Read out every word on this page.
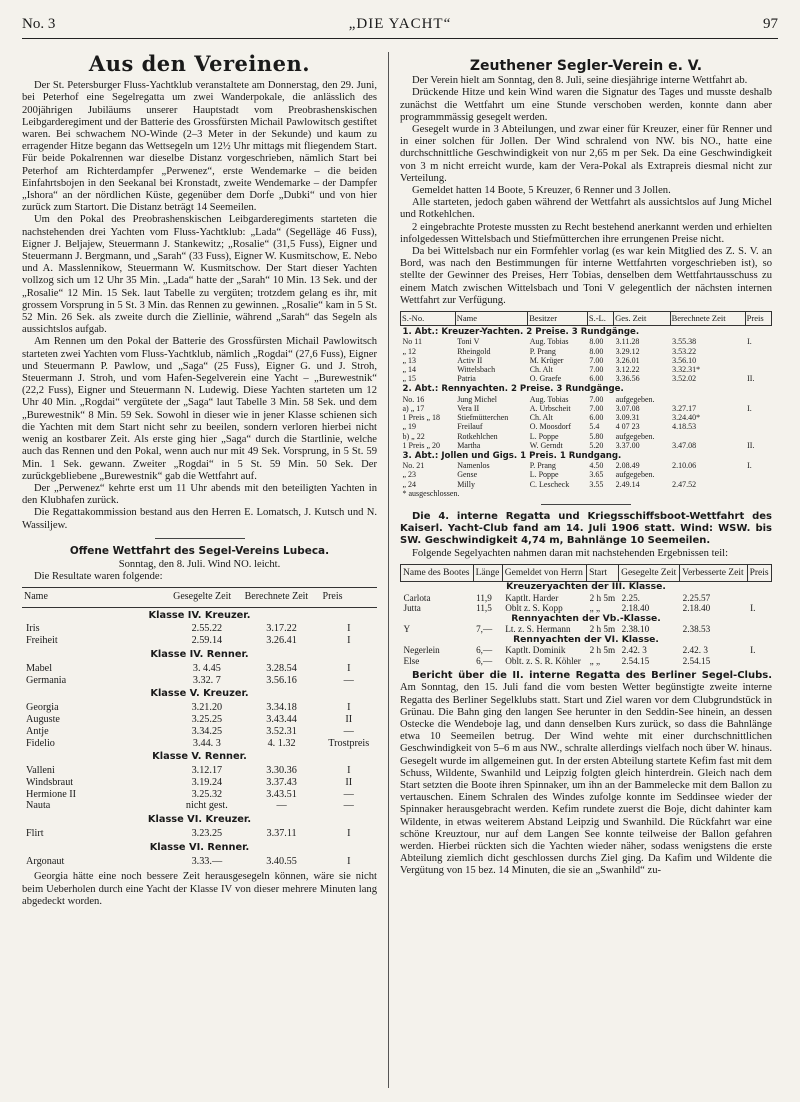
No. 3	„DIE YACHT“	97
Aus den Vereinen.

Der St. Petersburger Fluss-Yachtklub veranstaltete am Donnerstag, den 29. Juni, bei Peterhof eine Segelregatta um zwei Wanderpokale, die anlässlich des 200jährigen Jubiläums unserer Hauptstadt vom Preobrashenskischen Leibgarderegiment und der Batterie des Grossfürsten Michail Pawlowitsch gestiftet waren. Bei schwachem NO-Winde (2–3 Meter in der Sekunde) und kaum zu erragender Hitze begann das Wettsegeln um 12½ Uhr mittags mit fliegendem Start. Für beide Pokalrennen war dieselbe Distanz vorgeschrieben, nämlich Start bei Peterhof am Richterdampfer „Perwenez“, erste Wendemarke – die beiden Einfahrtsbojen in den Seekanal bei Kronstadt, zweite Wendemarke – der Dampfer „Ishora“ an der nördlichen Küste, gegenüber dem Dorfe „Dubki“ und von hier zurück zum Startort. Die Distanz beträgt 14 Seemeilen.

Um den Pokal des Preobrashenskischen Leibgarderegiments starteten die nachstehenden drei Yachten vom Fluss-Yachtklub: „Lada“ (Segelläge 46 Fuss), Eigner J. Beljajew, Steuermann J. Stankewitz; „Rosalie“ (31,5 Fuss), Eigner und Steuermann J. Bergmann, und „Sarah“ (33 Fuss), Eigner W. Kusmitschow, E. Nebo und A. Masslennikow, Steuermann W. Kusmitschow. Der Start dieser Yachten vollzog sich um 12 Uhr 35 Min. „Lada“ hatte der „Sarah“ 10 Min. 13 Sek. und der „Rosalie“ 12 Min. 15 Sek. laut Tabelle zu vergüten; trotzdem gelang es ihr, mit grossem Vorsprung in 5 St. 3 Min. das Rennen zu gewinnen. „Rosalie“ kam in 5 St. 52 Min. 26 Sek. als zweite durch die Ziellinie, während „Sarah“ das Segeln als aussichtslos aufgab.

Am Rennen um den Pokal der Batterie des Grossfürsten Michail Pawlowitsch starteten zwei Yachten vom Fluss-Yachtklub, nämlich „Rogdai“ (27,6 Fuss), Eigner und Steuermann P. Pawlow, und „Saga“ (25 Fuss), Eigner G. und J. Stroh, Steuermann J. Stroh, und vom Hafen-Segelverein eine Yacht – „Burewestnik“ (22,2 Fuss), Eigner und Steuermann N. Ludewig. Diese Yachten starteten um 12 Uhr 40 Min. „Rogdai“ vergütete der „Saga“ laut Tabelle 3 Min. 58 Sek. und dem „Burewestnik“ 8 Min. 59 Sek. Sowohl in dieser wie in jener Klasse schienen sich die Yachten mit dem Start nicht sehr zu beeilen, sondern verloren hierbei nicht wenig an kostbarer Zeit. Als erste ging hier „Saga“ durch die Startlinie, welche auch das Rennen und den Pokal, wenn auch nur mit 49 Sek. Vorsprung, in 5 St. 59 Min. 1 Sek. gewann. Zweiter „Rogdai“ in 5 St. 59 Min. 50 Sek. Der zurückgebliebene „Burewestnik“ gab die Wettfahrt auf.

Der „Perwenez“ kehrte erst um 11 Uhr abends mit den beteiligten Yachten in den Klubhafen zurück.

Die Regattakommission bestand aus den Herren E. Lomatsch, J. Kutsch und N. Wassiljew.

Offene Wettfahrt des Segel-Vereins Lubeca.

Sonntag, den 8. Juli. Wind NO. leicht.

Die Resultate waren folgende:

Name	Gesegelte Zeit	Berechnete Zeit	Preis
Klasse IV. Kreuzer.			
Iris	2.55.22	3.17.22	I
Freiheit	2.59.14	3.26.41	I
Klasse IV. Renner.			
Mabel	3. 4.45	3.28.54	I
Germania	3.32. 7	3.56.16	—
Klasse V. Kreuzer.			
Georgia	3.21.20	3.34.18	I
Auguste	3.25.25	3.43.44	II
Antje	3.34.25	3.52.31	—
Fidelio	3.44. 3	4. 1.32	Trostpreis
Klasse V. Renner.			
Valleni	3.12.17	3.30.36	I
Windsbraut	3.19.24	3.37.43	II
Hermione II	3.25.32	3.43.51	—
Nauta	nicht gest.	—	—
Klasse VI. Kreuzer.			
Flirt	3.23.25	3.37.11	I
Klasse VI. Renner.			
Argonaut	3.33.—	3.40.55	I

Georgia hätte eine noch bessere Zeit herausgesegeln können, wäre sie nicht beim Ueberholen durch eine Yacht der Klasse IV von dieser mehrere Minuten lang abgedeckt worden.

Zeuthener Segler-Verein e. V.

Der Verein hielt am Sonntag, den 8. Juli, seine diesjährige interne Wettfahrt ab.

Drückende Hitze und kein Wind waren die Signatur des Tages und musste deshalb zunächst die Wettfahrt um eine Stunde verschoben werden, konnte dann aber programmmässig gesegelt werden.

Gesegelt wurde in 3 Abteilungen, und zwar einer für Kreuzer, einer für Renner und in einer solchen für Jollen. Der Wind schralend von NW. bis NO., hatte eine durchschnittliche Geschwindigkeit von nur 2,65 m per Sek. Da eine Geschwindigkeit von 3 m nicht erreicht wurde, kam der Vera-Pokal als Extrapreis diesmal nicht zur Verteilung.

Gemeldet hatten 14 Boote, 5 Kreuzer, 6 Renner und 3 Jollen.

Alle starteten, jedoch gaben während der Wettfahrt als aussichtslos auf Jung Michel und Rotkehlchen.

2 eingebrachte Proteste mussten zu Recht bestehend anerkannt werden und erhielten infolgedessen Wittelsbach und Stiefmütterchen ihre errungenen Preise nicht.

Da bei Wittelsbach nur ein Formfehler vorlag (es war kein Mitglied des Z. S. V. an Bord, was nach den Bestimmungen für interne Wettfahrten vorgeschrieben ist), so stellte der Gewinner des Preises, Herr Tobias, denselben dem Wettfahrtausschuss zu einem Match zwischen Wittelsbach und Toni V gelegentlich der nächsten internen Wettfahrt zur Verfügung.

S.-No.	Name	Besitzer	S.-L.	Ges. Zeit	Berechnete Zeit	Preis
1. Abt.: Kreuzer-Yachten. 2 Preise. 3 Rundgänge.						
No 11	Toni V	Aug. Tobias	8.00	3.11.28	3.55.38	I.
„ 12	Rheingold	P. Prang	8.00	3.29.12	3.53.22	
„ 13	Activ II	M. Krüger	7.00	3.26.01	3.56.10	
„ 14	Wittelsbach	Ch. Alt	7.00	3.12.22	3.32.31*	
„ 15	Patria	O. Graefe	6.00	3.36.56	3.52.02	II.
2. Abt.: Rennyachten. 2 Preise. 3 Rundgänge.						
No. 16	Jung Michel	Aug. Tobias	7.00	aufgegeben.		
a) „ 17	Vera II	A. Urbscheit	7.00	3.07.08	3.27.17	I.
1 Preis „ 18	Stiefmütterchen	Ch. Alt	6.00	3.09.31	3.24.40*	
„ 19	Freilauf	O. Moosdorf	5.4	4 07 23	4.18.53	
b) „ 22	Rotkehlchen	L. Poppe	5.80	aufgegeben.		
1 Preis „ 20	Martha	W. Gerndt	5.20	3.37.00	3.47.08	II.
3. Abt.: Jollen und Gigs. 1 Preis. 1 Rundgang.						
No. 21	Namenlos	P. Prang	4.50	2.08.49	2.10.06	I.
„ 23	Gense	L. Poppe	3.65	aufgegeben.		
„ 24	Milly	C. Lescheck	3.55	2.49.14	2.47.52	
* ausgeschlossen.						

Die 4. interne Regatta und Kriegsschiffsboot-Wettfahrt des Kaiserl. Yacht-Club fand am 14. Juli 1906 statt. Wind: WSW. bis SW. Geschwindigkeit 4,74 m, Bahnlänge 10 Seemeilen.

Folgende Segelyachten nahmen daran mit nachstehenden Ergebnissen teil:

Name des Bootes	Länge	Gemeldet von Herrn	Start	Gesegelte Zeit	Verbesserte Zeit	Preis
Kreuzeryachten der III. Klasse.						
Carlota	11,9	Kaptlt. Harder	2 h 5m	2.25.	2.25.57	
Jutta	11,5	Oblt z. S. Kopp	„ „	2.18.40	2.18.40	I.
Rennyachten der Vb.-Klasse.						
Y	7,—	Lt. z. S. Hermann	2 h 5m	2.38.10	2.38.53	
Rennyachten der VI. Klasse.						
Negerlein	6,—	Kaptlt. Dominik	2 h 5m	2.42. 3	2.42. 3	I.
Else	6,—	Oblt. z. S. R. Köhler	„ „	2.54.15	2.54.15	

Bericht über die II. interne Regatta des Berliner Segel-Clubs. Am Sonntag, den 15. Juli fand die vom besten Wetter begünstigte zweite interne Regatta des Berliner Segelklubs statt. Start und Ziel waren vor dem Clubgrundstück in Grünau. Die Bahn ging den langen See herunter in den Seddin-See hinein, an dessen Ostecke die Wendeboje lag, und dann denselben Kurs zurück, so dass die Bahnlänge etwa 10 Seemeilen betrug. Der Wind wehte mit einer durchschnittlichen Geschwindigkeit von 5–6 m aus NW., schralte allerdings vielfach noch über W. hinaus. Gesegelt wurde im allgemeinen gut. In der ersten Abteilung startete Kefim fast mit dem Schuss, Wildente, Swanhild und Leipzig folgten gleich hinterdrein. Gleich nach dem Start setzten die Boote ihren Spinnaker, um ihn an der Bammelecke mit dem Ballon zu vertauschen. Einem Schralen des Windes zufolge konnte im Seddinsee wieder der Spinnaker herausgebracht werden. Kefim rundete zuerst die Boje, dicht dahinter kam Wildente, in etwas weiterem Abstand Leipzig und Swanhild. Die Rückfahrt war eine schöne Kreuztour, nur auf dem Langen See konnte teilweise der Ballon gefahren werden. Hierbei rückten sich die Yachten wieder näher, sodass wenigstens die erste Abteilung ziemlich dicht geschlossen durchs Ziel ging. Da Kafim und Wildente die Vergütung von 15 bez. 14 Minuten, die sie an „Swanhild“ zu-
